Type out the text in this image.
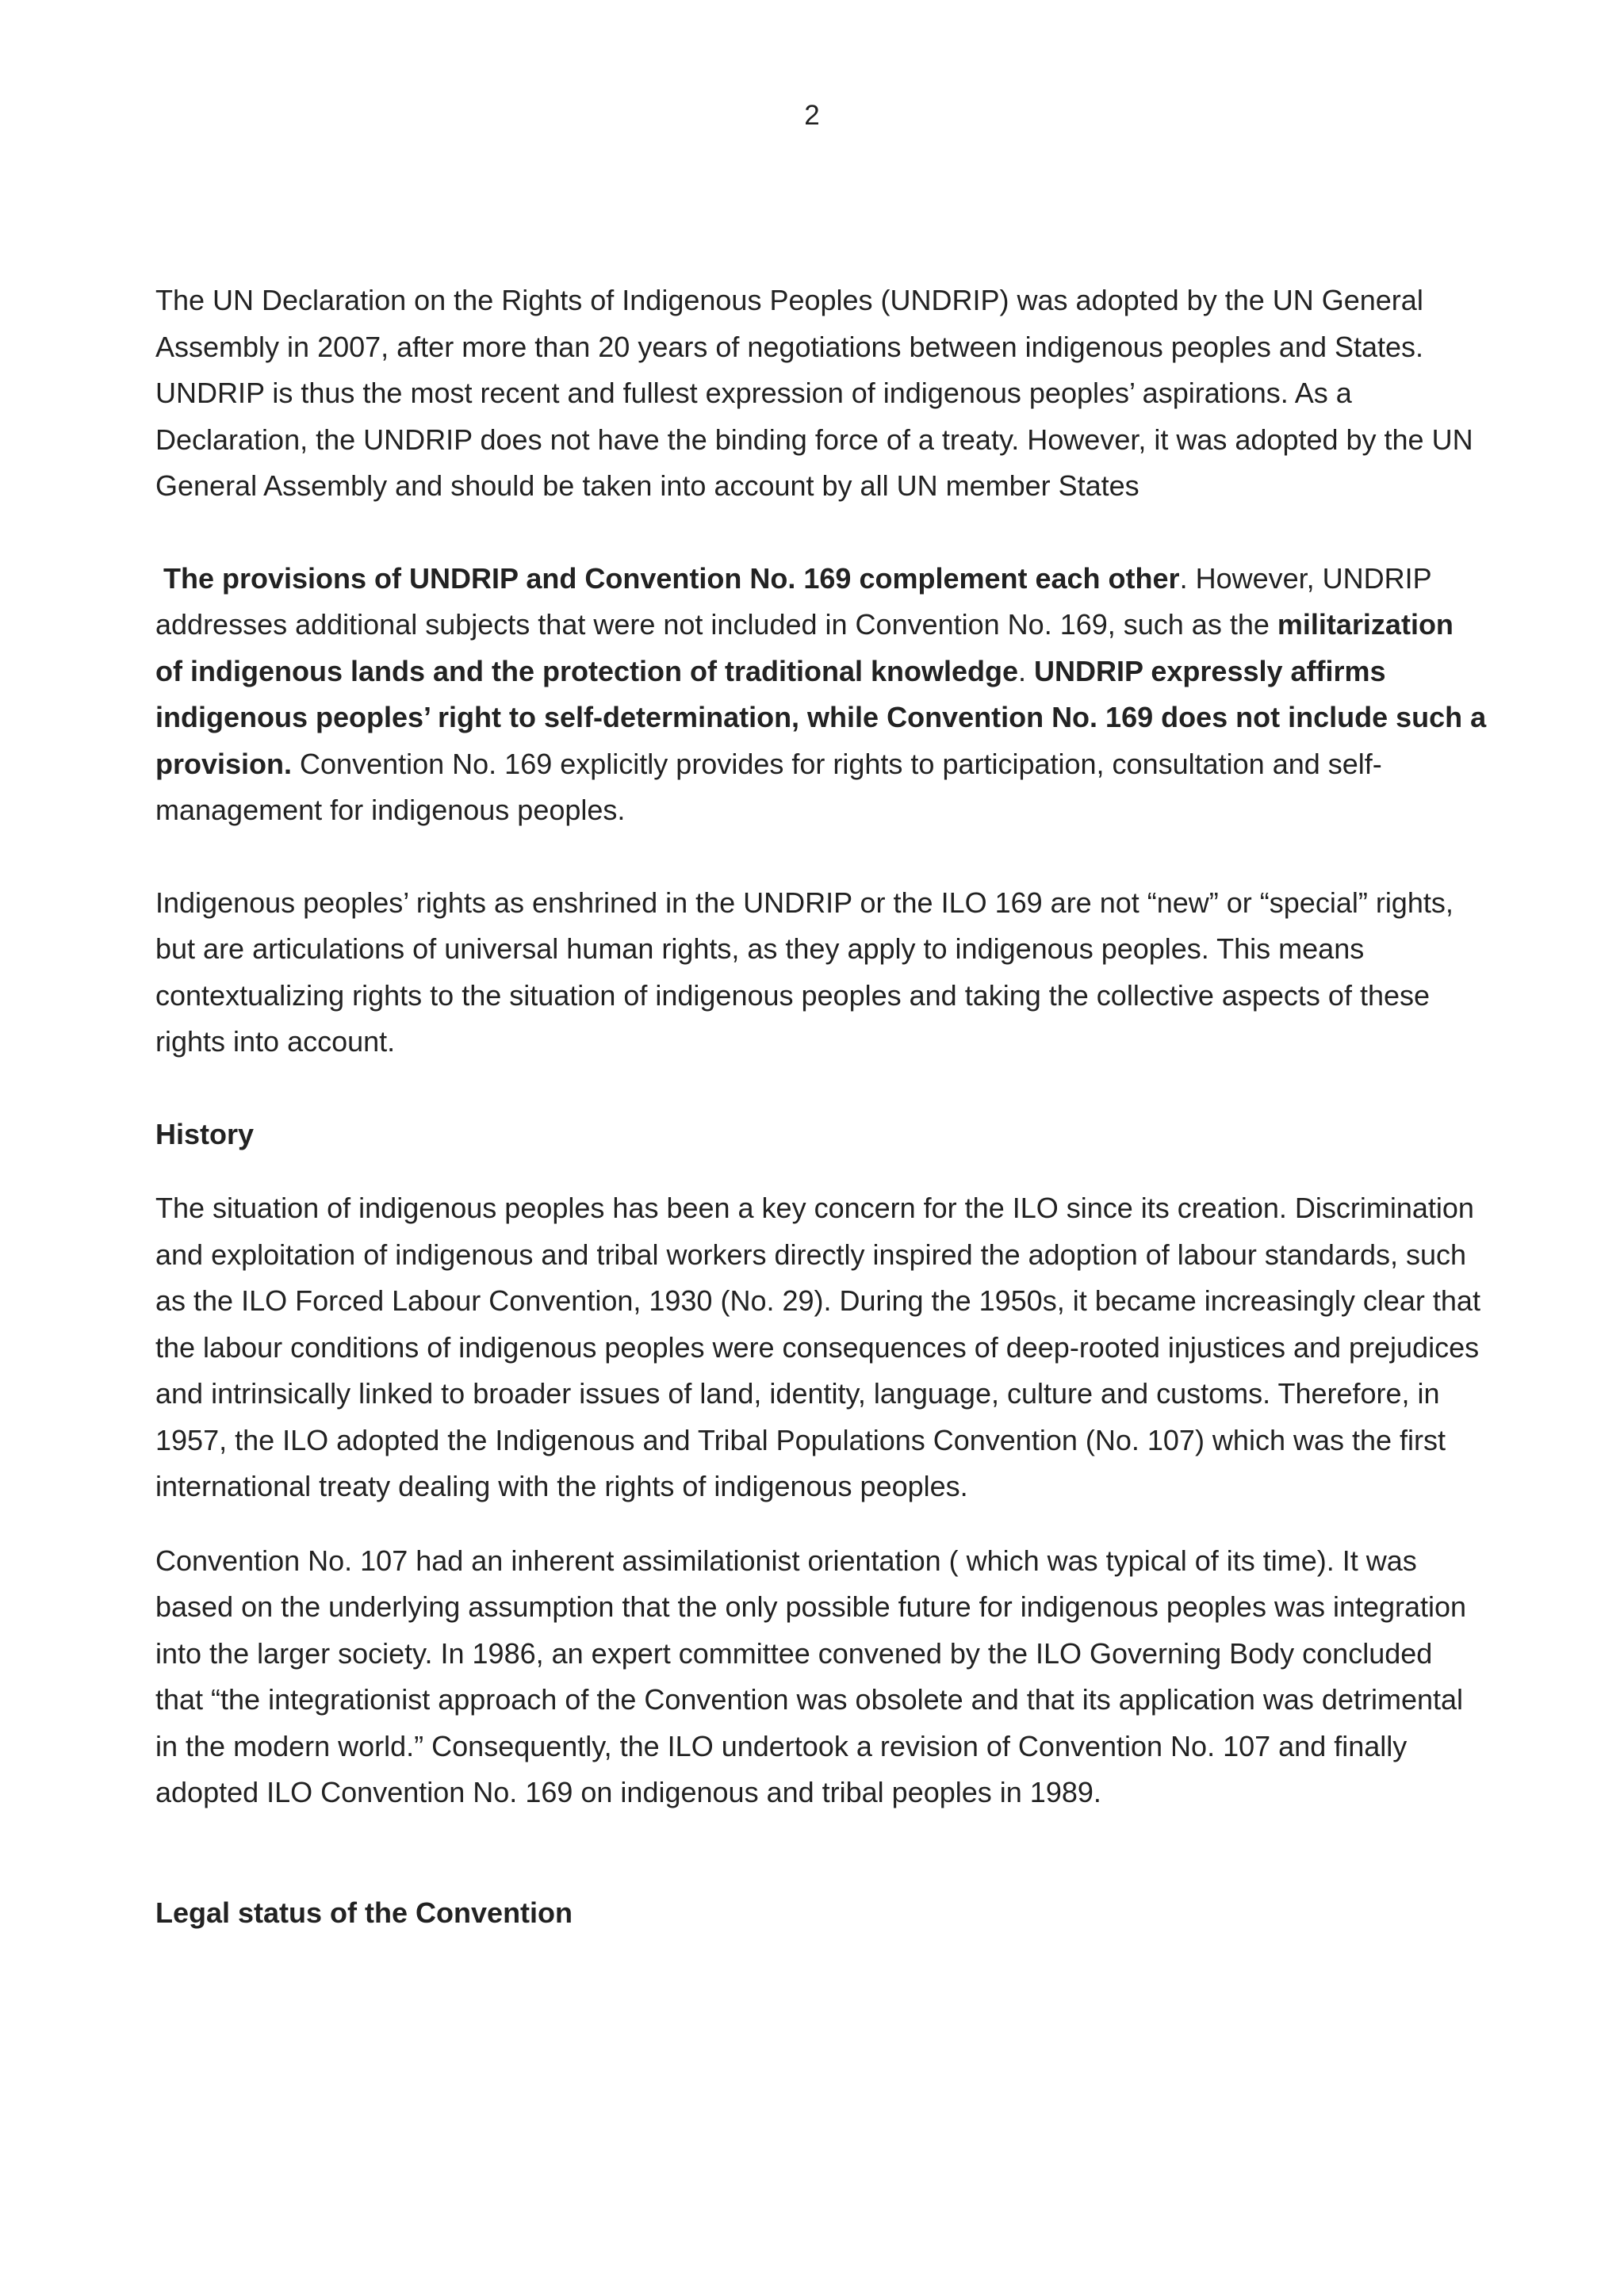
2

The UN Declaration on the Rights of Indigenous Peoples (UNDRIP) was adopted by the UN General Assembly in 2007, after more than 20 years of negotiations between indigenous peoples and States. UNDRIP is thus the most recent and fullest expression of indigenous peoples’ aspirations. As a Declaration, the UNDRIP does not have the binding force of a treaty. However, it was adopted by the UN General Assembly and should be taken into account by all UN member States

The provisions of UNDRIP and Convention No. 169 complement each other. However, UNDRIP addresses additional subjects that were not included in Convention No. 169, such as the militarization of indigenous lands and the protection of traditional knowledge. UNDRIP expressly affirms indigenous peoples’ right to self-determination, while Convention No. 169 does not include such a provision. Convention No. 169 explicitly provides for rights to participation, consultation and self-management for indigenous peoples.

Indigenous peoples’ rights as enshrined in the UNDRIP or the ILO 169 are not “new” or “special” rights, but are articulations of universal human rights, as they apply to indigenous peoples. This means contextualizing rights to the situation of indigenous peoples and taking the collective aspects of these rights into account.

History

The situation of indigenous peoples has been a key concern for the ILO since its creation. Discrimination and exploitation of indigenous and tribal workers directly inspired the adoption of labour standards, such as the ILO Forced Labour Convention, 1930 (No. 29). During the 1950s, it became increasingly clear that the labour conditions of indigenous peoples were consequences of deep-rooted injustices and prejudices and intrinsically linked to broader issues of land, identity, language, culture and customs. Therefore, in 1957, the ILO adopted the Indigenous and Tribal Populations Convention (No. 107) which was the first international treaty dealing with the rights of indigenous peoples.

Convention No. 107 had an inherent assimilationist orientation ( which was typical of its time). It was based on the underlying assumption that the only possible future for indigenous peoples was integration into the larger society. In 1986, an expert committee convened by the ILO Governing Body concluded that “the integrationist approach of the Convention was obsolete and that its application was detrimental in the modern world.” Consequently, the ILO undertook a revision of Convention No. 107 and finally adopted ILO Convention No. 169 on indigenous and tribal peoples in 1989.

Legal status of the Convention
